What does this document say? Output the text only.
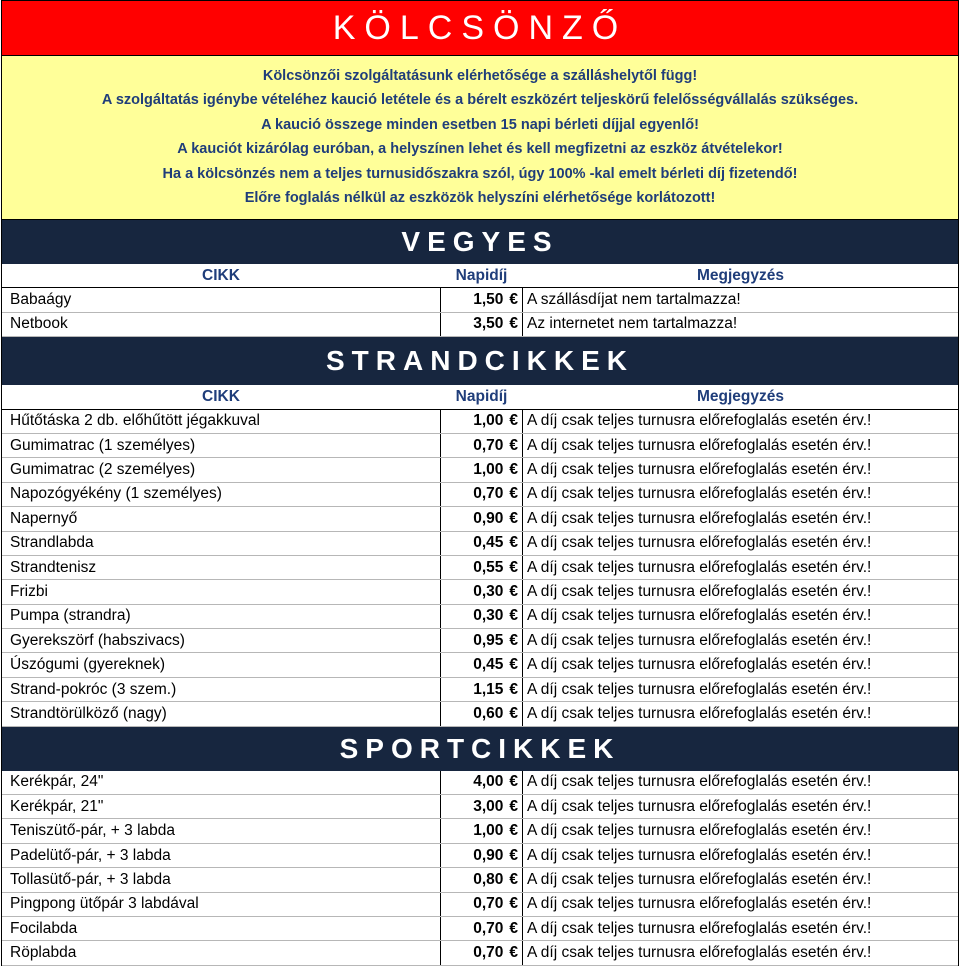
KÖLCSÖNZŐ
Kölcsönzői szolgáltatásunk elérhetősége a szálláshelytől függ!
A szolgáltatás igénybe vételéhez kaució letétele és a bérelt eszközért teljeskörű felelősségvállalás szükséges.
A kaució összege minden esetben 15 napi bérleti díjjal egyenlő!
A kauciót kizárólag euróban, a helyszínen lehet és kell megfizetni az eszköz átvételekor!
Ha a kölcsönzés nem a teljes turnusidőszakra szól, úgy 100% -kal emelt bérleti díj fizetendő!
Előre foglalás nélkül az eszközök helyszíni elérhetősége korlátozott!
VEGYES
CIKK	Napidíj	Megjegyzés
Babaágy	1,50 € A szállásdíjat nem tartalmazza!
Netbook	3,50 € Az internetet nem tartalmazza!
STRANDCIKKEK
CIKK	Napidíj	Megjegyzés
Hűtőtáska 2 db. előhűtött jégakkuval	1,00 € A díj csak teljes turnusra előrefoglalás esetén érv.!
Gumimatrac (1 személyes)	0,70 € A díj csak teljes turnusra előrefoglalás esetén érv.!
Gumimatrac (2 személyes)	1,00 € A díj csak teljes turnusra előrefoglalás esetén érv.!
Napozógyékény (1 személyes)	0,70 € A díj csak teljes turnusra előrefoglalás esetén érv.!
Napernyő	0,90 € A díj csak teljes turnusra előrefoglalás esetén érv.!
Strandlabda	0,45 € A díj csak teljes turnusra előrefoglalás esetén érv.!
Strandtenisz	0,55 € A díj csak teljes turnusra előrefoglalás esetén érv.!
Frizbi	0,30 € A díj csak teljes turnusra előrefoglalás esetén érv.!
Pumpa (strandra)	0,30 € A díj csak teljes turnusra előrefoglalás esetén érv.!
Gyerekszörf (habszivacs)	0,95 € A díj csak teljes turnusra előrefoglalás esetén érv.!
Úszógumi (gyereknek)	0,45 € A díj csak teljes turnusra előrefoglalás esetén érv.!
Strand-pokróc (3 szem.)	1,15 € A díj csak teljes turnusra előrefoglalás esetén érv.!
Strandtörülköző (nagy)	0,60 € A díj csak teljes turnusra előrefoglalás esetén érv.!
SPORTCIKKEK
Kerékpár, 24"	4,00 € A díj csak teljes turnusra előrefoglalás esetén érv.!
Kerékpár, 21"	3,00 € A díj csak teljes turnusra előrefoglalás esetén érv.!
Teniszütő-pár, + 3 labda	1,00 € A díj csak teljes turnusra előrefoglalás esetén érv.!
Padelütő-pár, + 3 labda	0,90 € A díj csak teljes turnusra előrefoglalás esetén érv.!
Tollasütő-pár, + 3 labda	0,80 € A díj csak teljes turnusra előrefoglalás esetén érv.!
Pingpong ütőpár 3 labdával	0,70 € A díj csak teljes turnusra előrefoglalás esetén érv.!
Focilabda	0,70 € A díj csak teljes turnusra előrefoglalás esetén érv.!
Röplabda	0,70 € A díj csak teljes turnusra előrefoglalás esetén érv.!
